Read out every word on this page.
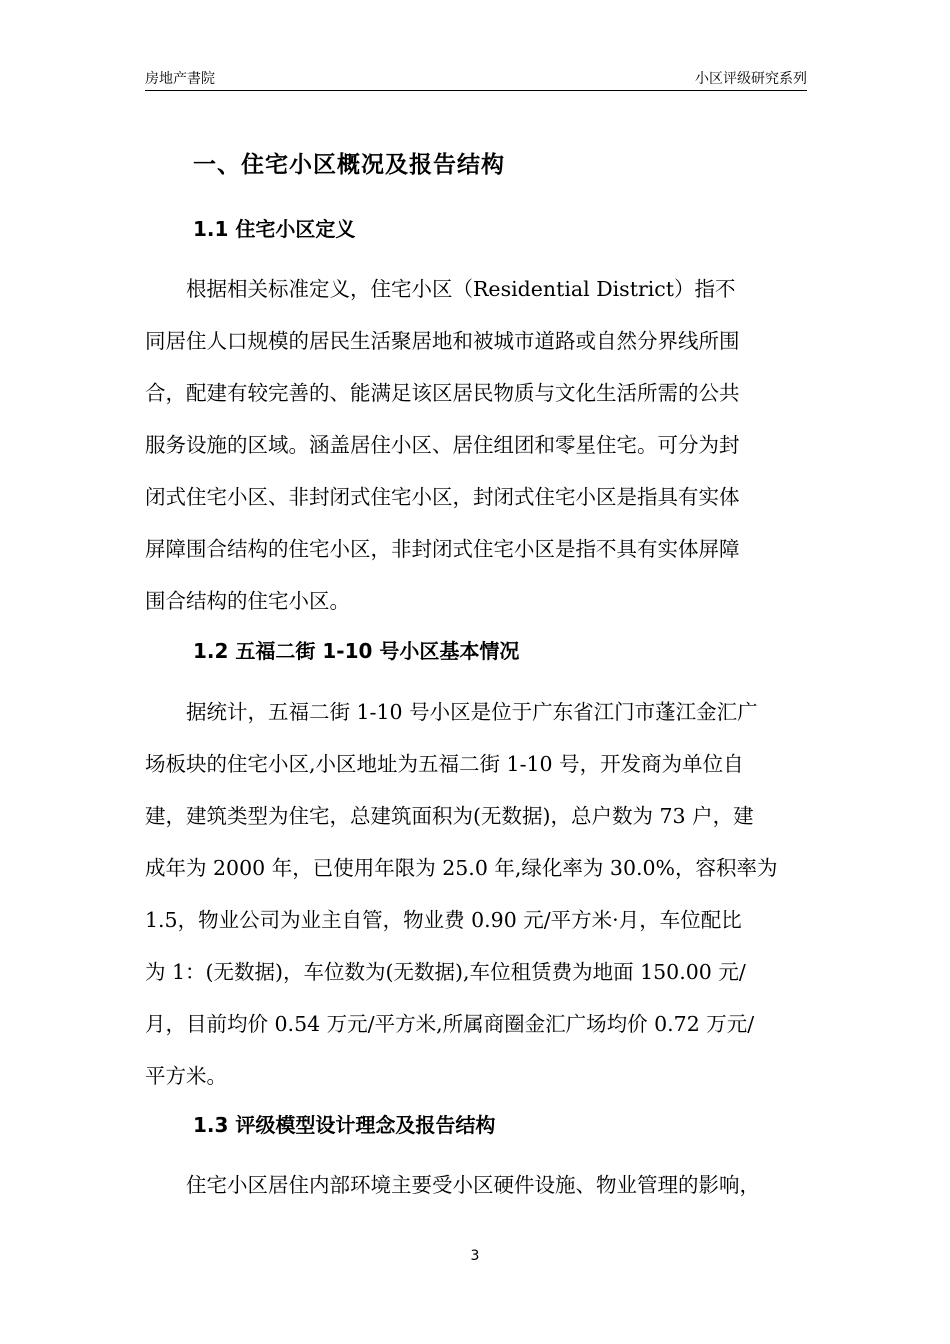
房地产書院	小区评级研究系列
一、住宅小区概况及报告结构
1.1 住宅小区定义
　　根据相关标准定义，住宅小区（Residential District）指不
同居住人口规模的居民生活聚居地和被城市道路或自然分界线所围
合，配建有较完善的、能满足该区居民物质与文化生活所需的公共
服务设施的区域。涵盖居住小区、居住组团和零星住宅。可分为封
闭式住宅小区、非封闭式住宅小区，封闭式住宅小区是指具有实体
屏障围合结构的住宅小区，非封闭式住宅小区是指不具有实体屏障
围合结构的住宅小区。
1.2 五福二街 1-10 号小区基本情况
　　据统计，五福二街 1-10 号小区是位于广东省江门市蓬江金汇广
场板块的住宅小区,小区地址为五福二街 1-10 号，开发商为单位自
建，建筑类型为住宅，总建筑面积为(无数据)，总户数为 73 户，建
成年为 2000 年，已使用年限为 25.0 年,绿化率为 30.0%，容积率为
1.5，物业公司为业主自管，物业费 0.90 元/平方米·月，车位配比
为 1：(无数据)，车位数为(无数据),车位租赁费为地面 150.00 元/
月，目前均价 0.54 万元/平方米,所属商圈金汇广场均价 0.72 万元/
平方米。
1.3 评级模型设计理念及报告结构
　　住宅小区居住内部环境主要受小区硬件设施、物业管理的影响，
3
